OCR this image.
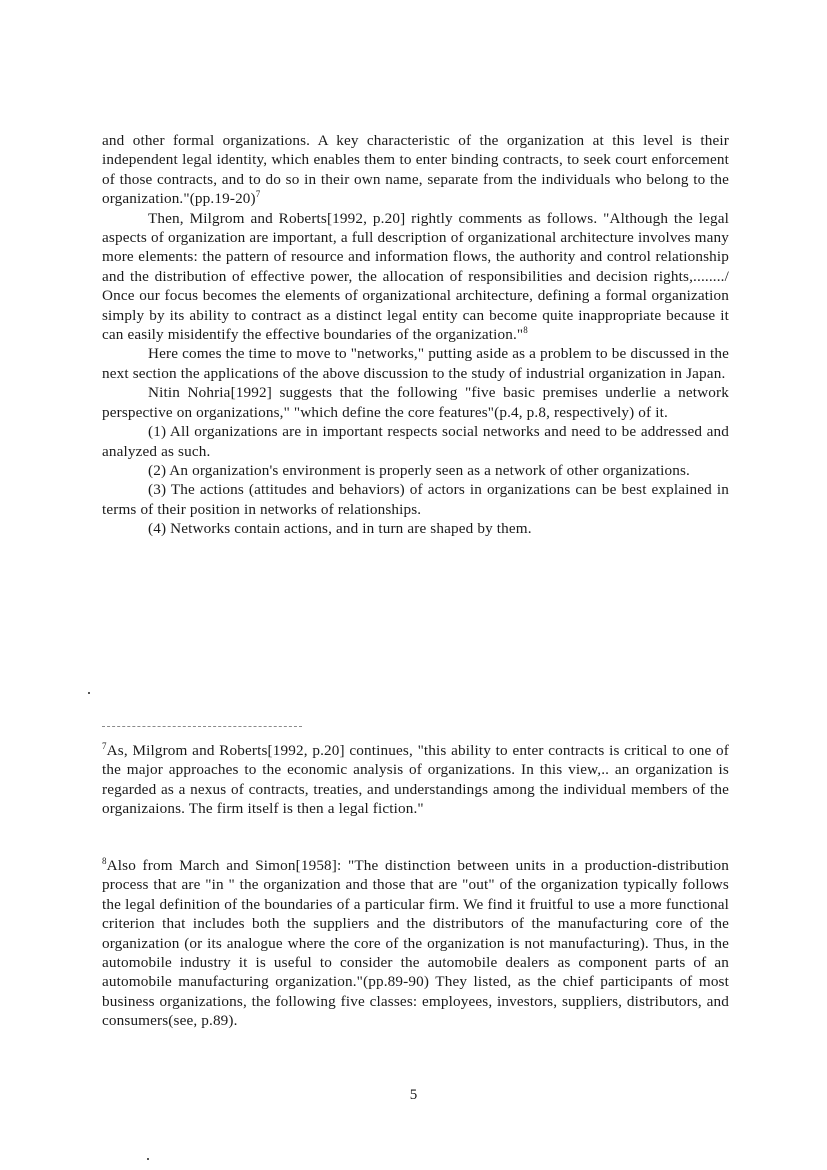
and other formal organizations. A key characteristic of the organization at this level is their independent legal identity, which enables them to enter binding contracts, to seek court enforcement of those contracts, and to do so in their own name, separate from the individuals who belong to the $organization."(pp.19-20)^7$

Then, Milgrom and Roberts[1992, p.20] rightly comments as follows. "Although the legal aspects of organization are important, a full description of organizational architecture involves many more elements: the pattern of resource and information flows, the authority and control relationship and the distribution of effective power, the allocation of responsibilities and decision rights,......../ Once our focus becomes the elements of organizational architecture, defining a formal organization simply by its ability to contract as a distinct legal entity can become quite inappropriate because it can easily misidentify the effective boundaries of the organization."$^8$

Here comes the time to move to "networks," putting aside as a problem to be discussed in the next section the applications of the above discussion to the study of industrial organization in Japan.

Nitin Nohria[1992] suggests that the following "five basic premises underlie a network perspective on organizations," "which define the core features"(p.4, p.8, respectively) of it.

(1) All organizations are in important respects social networks and need to be addressed and analyzed as such.

(2) An organization's environment is properly seen as a network of other organizations.

(3) The actions (attitudes and behaviors) of actors in organizations can be best explained in terms of their position in networks of relationships.

(4) Networks contain actions, and in turn are shaped by them.

$^7$As, Milgrom and Roberts[1992, p.20] continues, "this ability to enter contracts is critical to one of the major approaches to the economic analysis of organizations. In this view,.. an organization is regarded as a nexus of contracts, treaties, and understandings among the individual members of the organizaions. The firm itself is then a legal fiction."

$^8$Also from March and Simon[1958]: "The distinction between units in a production-distribution process that are "in " the organization and those that are "out" of the organization typically follows the legal definition of the boundaries of a particular firm. We find it fruitful to use a more functional criterion that includes both the suppliers and the distributors of the manufacturing core of the organization (or its analogue where the core of the organization is not manufacturing). Thus, in the automobile industry it is useful to consider the automobile dealers as component parts of an automobile manufacturing organization."(pp.89-90) They listed, as the chief participants of most business organizations, the following five classes: employees, investors, suppliers, distributors, and consumers(see, p.89).

5
